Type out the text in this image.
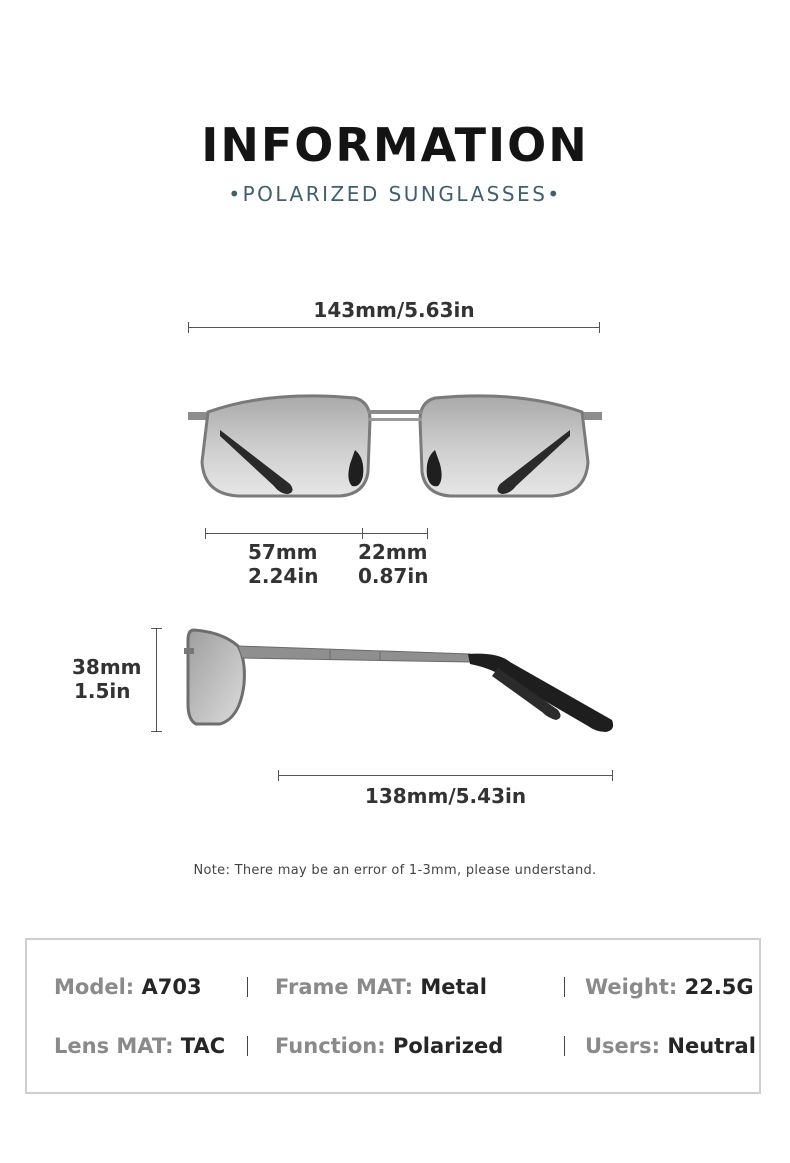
INFORMATION
•POLARIZED SUNGLASSES•
143mm/5.63in
57mm
2.24in
22mm
0.87in
38mm
1.5in
138mm/5.43in
Note: There may be an error of 1-3mm, please understand.
Model: A703	Frame MAT: Metal	Weight: 22.5G
Lens MAT: TAC Function: Polarized	Users: Neutral
